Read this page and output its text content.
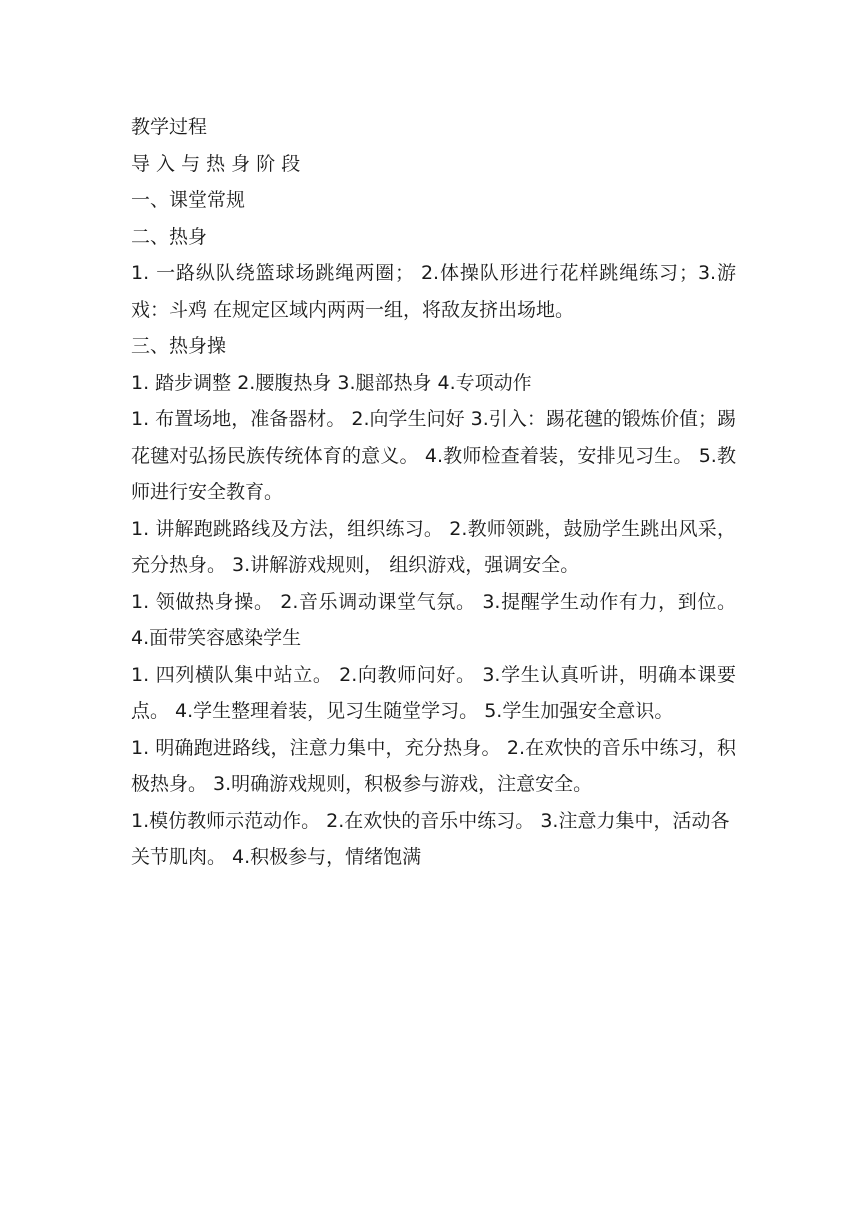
教学过程

导 入 与 热 身 阶 段

一、课堂常规

二、热身

1. 一路纵队绕篮球场跳绳两圈； 2.体操队形进行花样跳绳练习；3.游戏：斗鸡 在规定区域内两两一组，将敌友挤出场地。

三、热身操

1. 踏步调整 2.腰腹热身 3.腿部热身 4.专项动作

1. 布置场地，准备器材。 2.向学生问好 3.引入：踢花毽的锻炼价值；踢花毽对弘扬民族传统体育的意义。 4.教师检查着装，安排见习生。 5.教师进行安全教育。

1. 讲解跑跳路线及方法，组织练习。 2.教师领跳，鼓励学生跳出风采，充分热身。 3.讲解游戏规则， 组织游戏，强调安全。

1. 领做热身操。 2.音乐调动课堂气氛。 3.提醒学生动作有力，到位。 4.面带笑容感染学生

1. 四列横队集中站立。 2.向教师问好。 3.学生认真听讲，明确本课要点。 4.学生整理着装，见习生随堂学习。 5.学生加强安全意识。

1. 明确跑进路线，注意力集中，充分热身。 2.在欢快的音乐中练习，积极热身。 3.明确游戏规则，积极参与游戏，注意安全。

1.模仿教师示范动作。 2.在欢快的音乐中练习。 3.注意力集中，活动各关节肌肉。 4.积极参与，情绪饱满
